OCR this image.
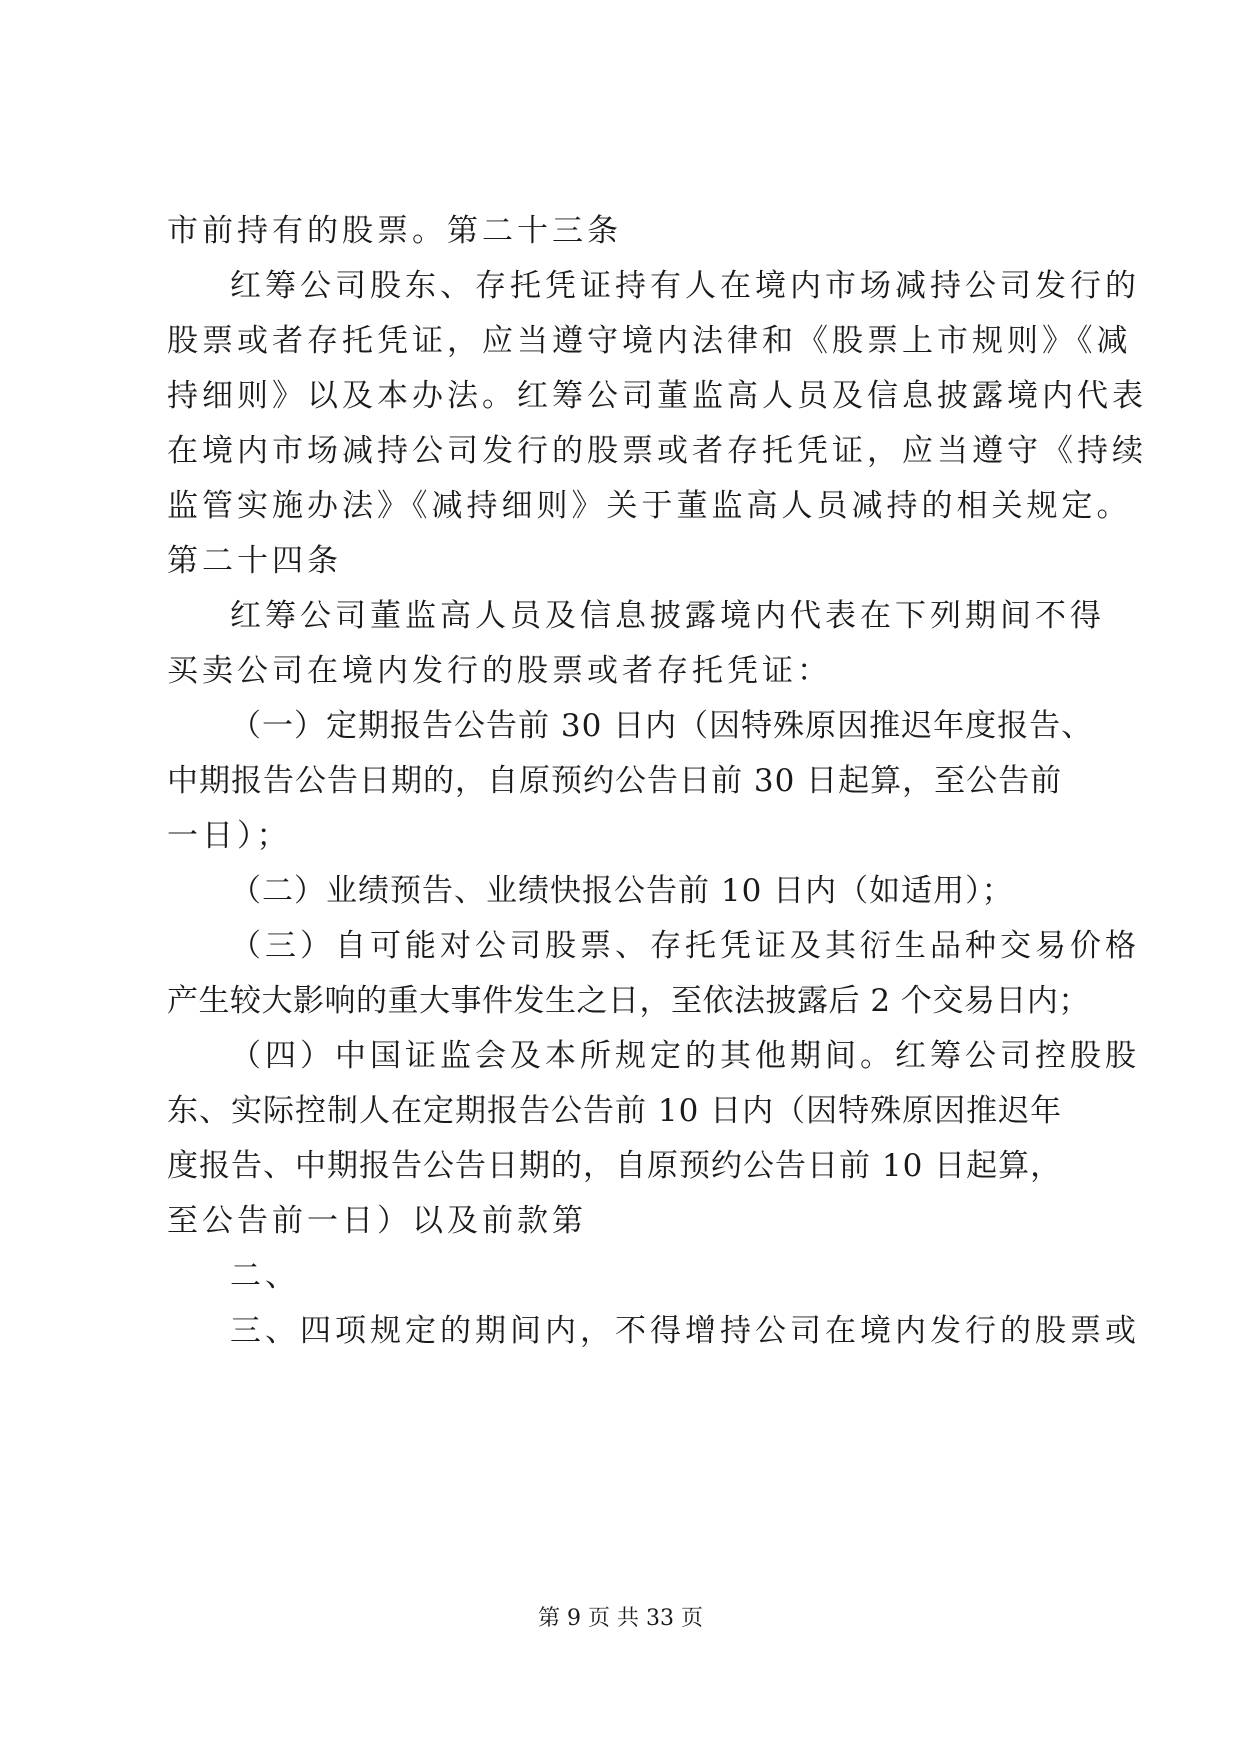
市前持有的股票。第二十三条
红筹公司股东、存托凭证持有人在境内市场减持公司发行的
股票或者存托凭证，应当遵守境内法律和《股票上市规则》《减
持细则》以及本办法。红筹公司董监高人员及信息披露境内代表
在境内市场减持公司发行的股票或者存托凭证，应当遵守《持续
监管实施办法》《减持细则》关于董监高人员减持的相关规定。
第二十四条
红筹公司董监高人员及信息披露境内代表在下列期间不得
买卖公司在境内发行的股票或者存托凭证：
（一）定期报告公告前 30 日内（因特殊原因推迟年度报告、
中期报告公告日期的，自原预约公告日前 30 日起算，至公告前
一日）；
（二）业绩预告、业绩快报公告前 10 日内（如适用）；
（三）自可能对公司股票、存托凭证及其衍生品种交易价格
产生较大影响的重大事件发生之日，至依法披露后 2 个交易日内；
（四）中国证监会及本所规定的其他期间。红筹公司控股股
东、实际控制人在定期报告公告前 10 日内（因特殊原因推迟年
度报告、中期报告公告日期的，自原预约公告日前 10 日起算，
至公告前一日）以及前款第
二、
三、四项规定的期间内，不得增持公司在境内发行的股票或
第 9 页 共 33 页
